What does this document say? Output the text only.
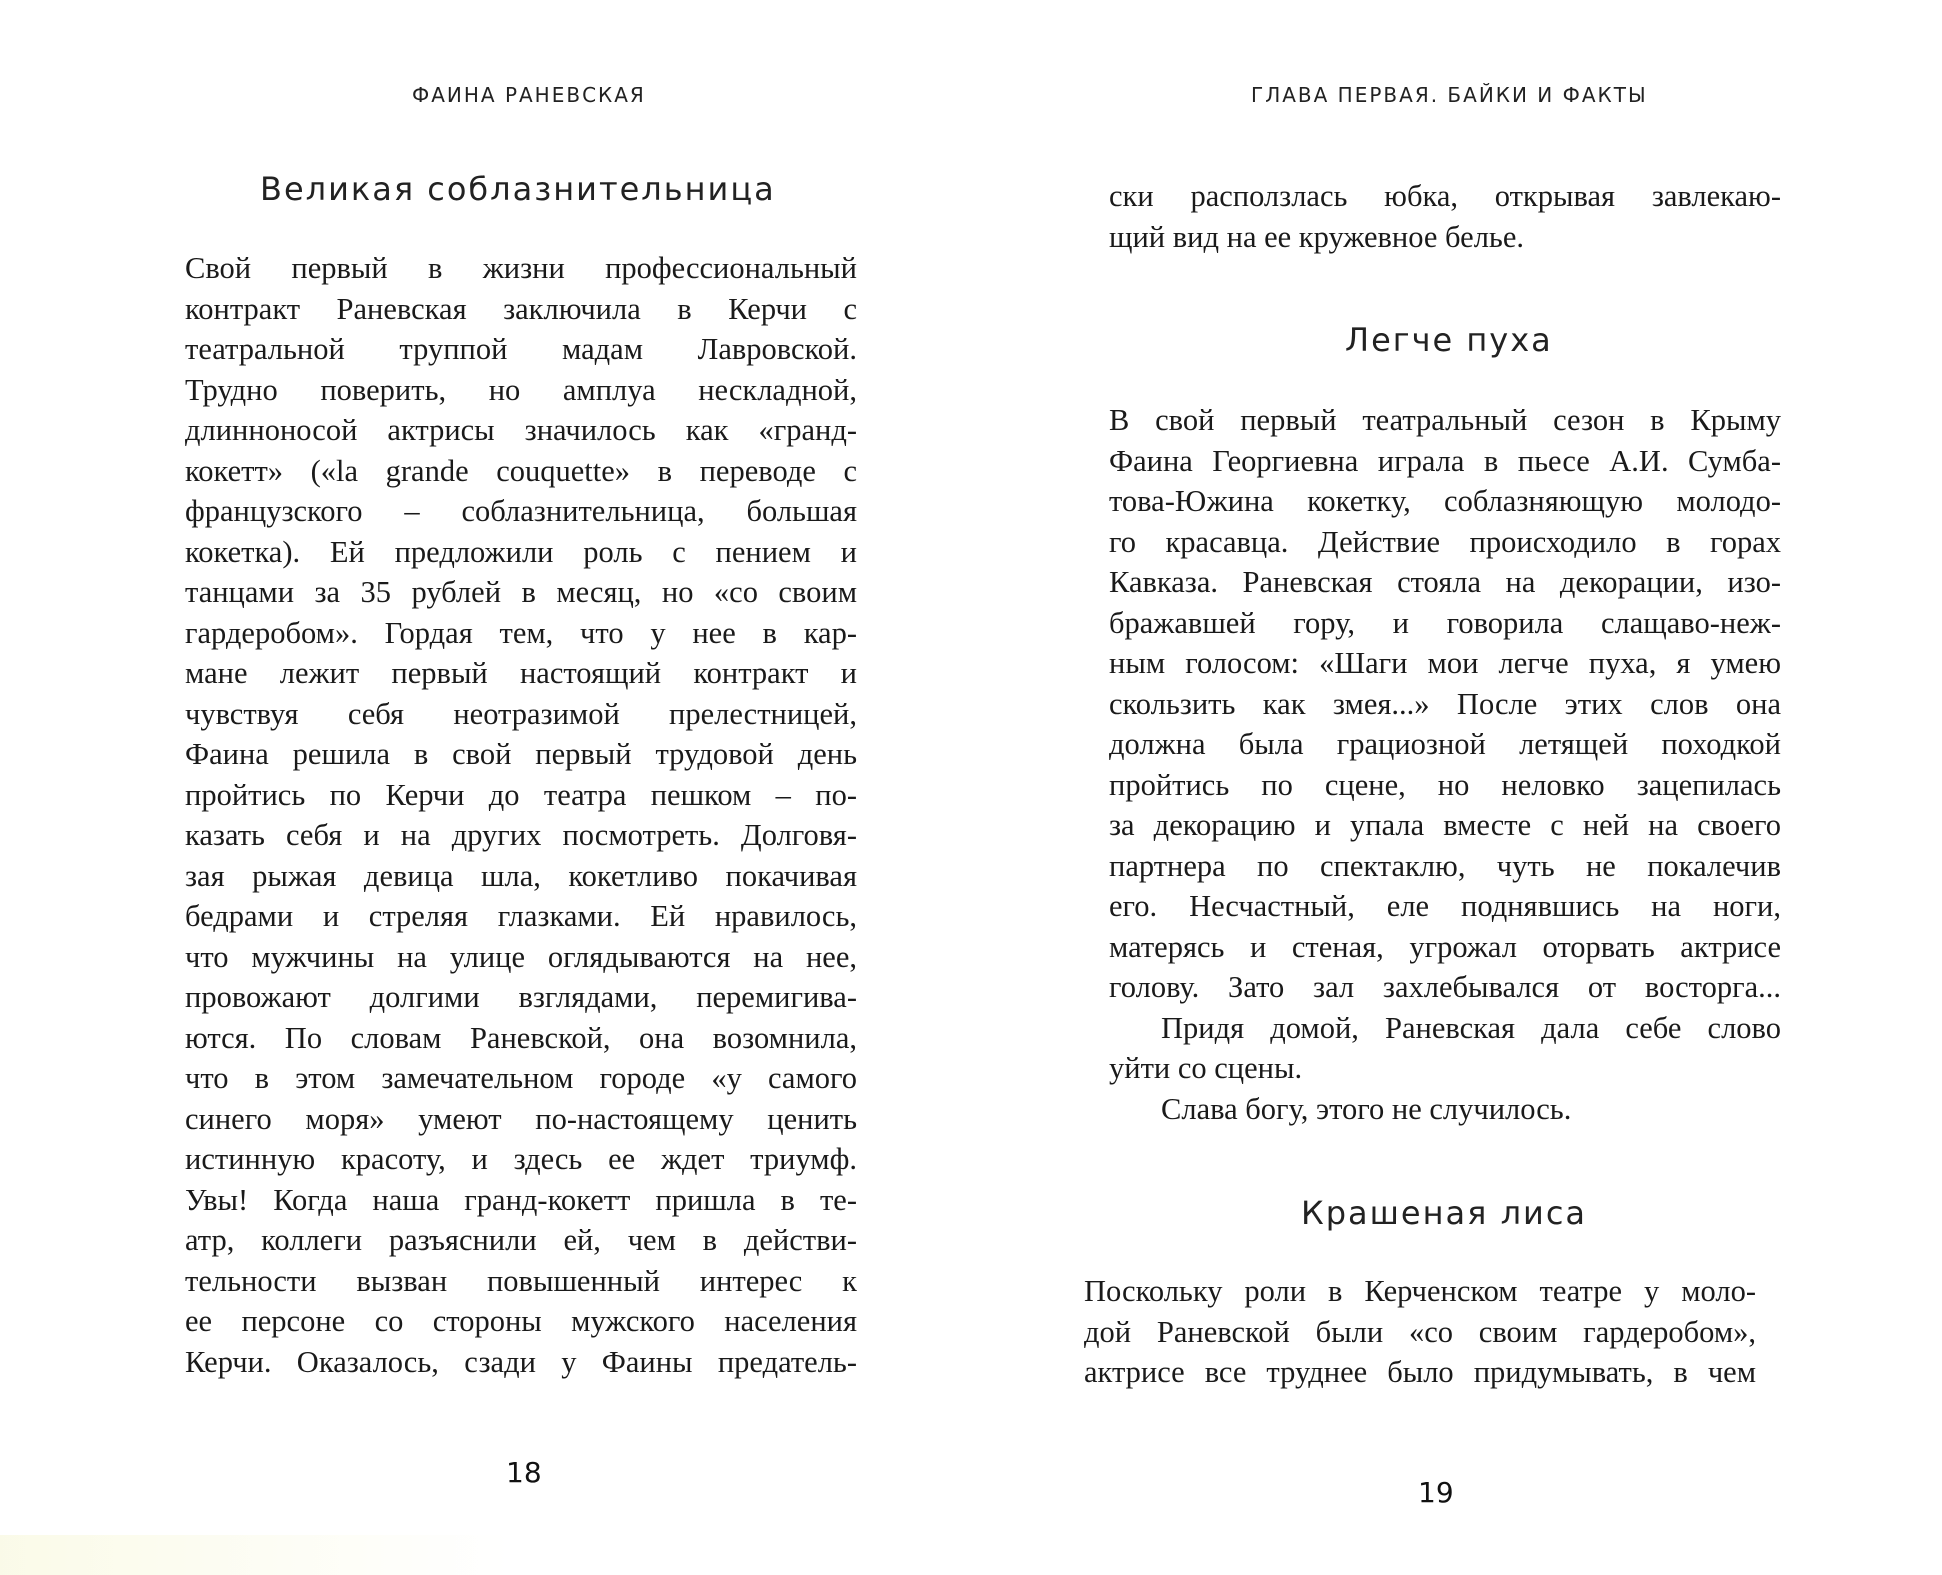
ФАИНА РАНЕВСКАЯ
Великая соблазнительница
Свой первый в жизни профессиональный
контракт Раневская заключила в Керчи с
театральной труппой мадам Лавровской.
Трудно поверить, но амплуа нескладной,
длинноносой актрисы значилось как «гранд-
кокетт» («la grande couquette» в переводе с
французского – соблазнительница, большая
кокетка). Ей предложили роль с пением и
танцами за 35 рублей в месяц, но «со своим
гардеробом». Гордая тем, что у нее в кар-
мане лежит первый настоящий контракт и
чувствуя себя неотразимой прелестницей,
Фаина решила в свой первый трудовой день
пройтись по Керчи до театра пешком – по-
казать себя и на других посмотреть. Долговя-
зая рыжая девица шла, кокетливо покачивая
бедрами и стреляя глазками. Ей нравилось,
что мужчины на улице оглядываются на нее,
провожают долгими взглядами, перемигива-
ются. По словам Раневской, она возомнила,
что в этом замечательном городе «у самого
синего моря» умеют по-настоящему ценить
истинную красоту, и здесь ее ждет триумф.
Увы! Когда наша гранд-кокетт пришла в те-
атр, коллеги разъяснили ей, чем в действи-
тельности вызван повышенный интерес к
ее персоне со стороны мужского населения
Керчи. Оказалось, сзади у Фаины предатель-
18
ГЛАВА ПЕРВАЯ. БАЙКИ И ФАКТЫ
ски расползлась юбка, открывая завлекаю-
щий вид на ее кружевное белье.
Легче пуха
В свой первый театральный сезон в Крыму
Фаина Георгиевна играла в пьесе А.И. Сумба-
това-Южина кокетку, соблазняющую молодо-
го красавца. Действие происходило в горах
Кавказа. Раневская стояла на декорации, изо-
бражавшей гору, и говорила слащаво-неж-
ным голосом: «Шаги мои легче пуха, я умею
скользить как змея...» После этих слов она
должна была грациозной летящей походкой
пройтись по сцене, но неловко зацепилась
за декорацию и упала вместе с ней на своего
партнера по спектаклю, чуть не покалечив
его. Несчастный, еле поднявшись на ноги,
матерясь и стеная, угрожал оторвать актрисе
голову. Зато зал захлебывался от восторга...
Придя домой, Раневская дала себе слово
уйти со сцены.
Слава богу, этого не случилось.
Крашеная лиса
Поскольку роли в Керченском театре у моло-
дой Раневской были «со своим гардеробом»,
актрисе все труднее было придумывать, в чем
19
